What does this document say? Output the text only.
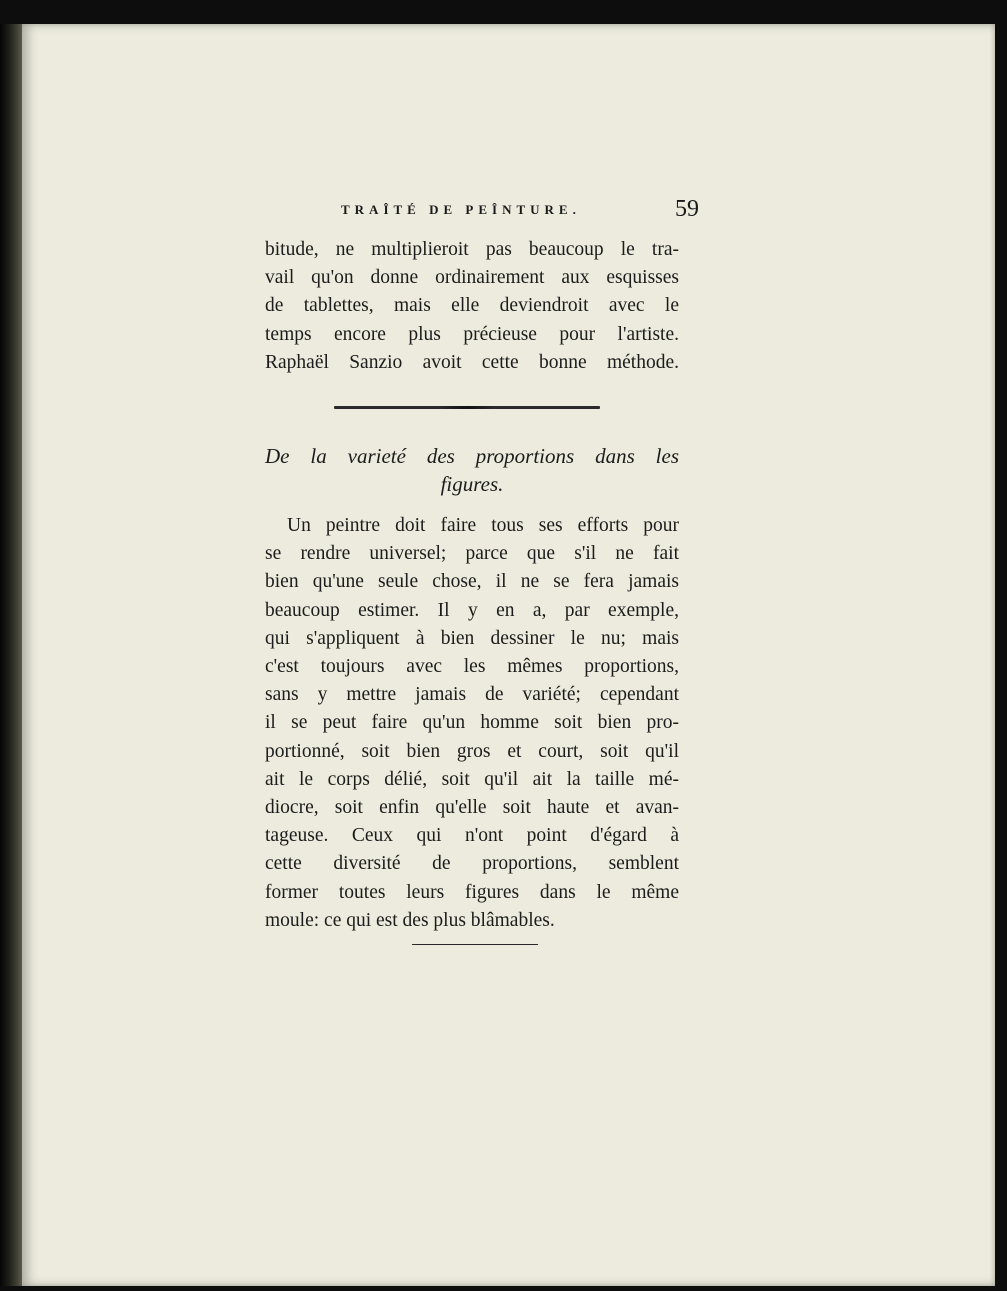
TRAÎTÉ DE PEÎNTURE.	59
bitude, ne multiplieroit pas beaucoup le tra-
vail qu'on donne ordinairement aux esquisses
de tablettes, mais elle deviendroit avec le
temps encore plus précieuse pour l'artiste.
Raphaël Sanzio avoit cette bonne méthode.
De la varieté des proportions dans les
figures.
Un peintre doit faire tous ses efforts pour
se rendre universel; parce que s'il ne fait
bien qu'une seule chose, il ne se fera jamais
beaucoup estimer. Il y en a, par exemple,
qui s'appliquent à bien dessiner le nu; mais
c'est toujours avec les mêmes proportions,
sans y mettre jamais de variété; cependant
il se peut faire qu'un homme soit bien pro-
portionné, soit bien gros et court, soit qu'il
ait le corps délié, soit qu'il ait la taille mé-
diocre, soit enfin qu'elle soit haute et avan-
tageuse. Ceux qui n'ont point d'égard à
cette diversité de proportions, semblent
former toutes leurs figures dans le même
moule: ce qui est des plus blâmables.
